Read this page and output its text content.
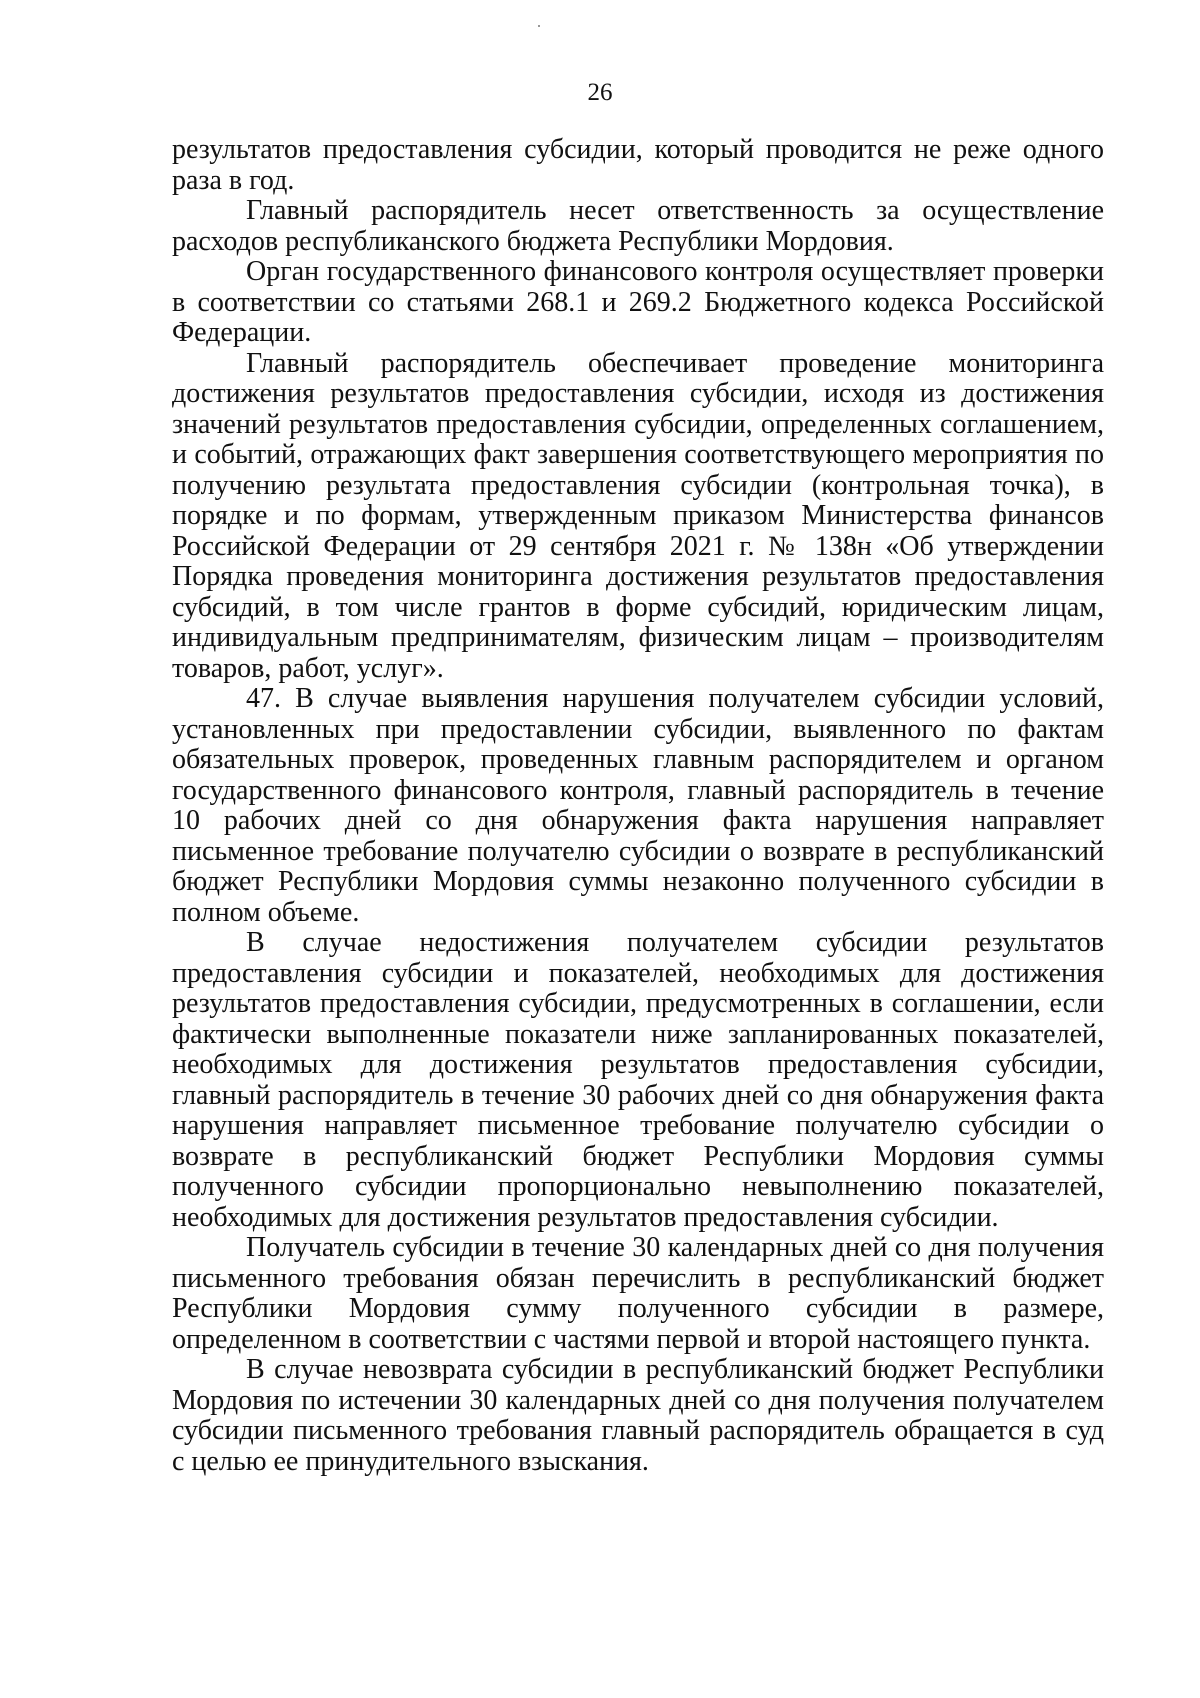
26

результатов предоставления субсидии, который проводится не реже одного раза в год.

Главный распорядитель несет ответственность за осуществление расходов республиканского бюджета Республики Мордовия.

Орган государственного финансового контроля осуществляет проверки в соответствии со статьями 268.1 и 269.2 Бюджетного кодекса Российской Федерации.

Главный распорядитель обеспечивает проведение мониторинга достижения результатов предоставления субсидии, исходя из достижения значений результатов предоставления субсидии, определенных соглашением, и событий, отражающих факт завершения соответствующего мероприятия по получению результата предоставления субсидии (контрольная точка), в порядке и по формам, утвержденным приказом Министерства финансов Российской Федерации от 29 сентября 2021 г. № 138н «Об утверждении Порядка проведения мониторинга достижения результатов предоставления субсидий, в том числе грантов в форме субсидий, юридическим лицам, индивидуальным предпринимателям, физическим лицам – производителям товаров, работ, услуг».

47. В случае выявления нарушения получателем субсидии условий, установленных при предоставлении субсидии, выявленного по фактам обязательных проверок, проведенных главным распорядителем и органом государственного финансового контроля, главный распорядитель в течение 10 рабочих дней со дня обнаружения факта нарушения направляет письменное требование получателю субсидии о возврате в республиканский бюджет Республики Мордовия суммы незаконно полученного субсидии в полном объеме.

В случае недостижения получателем субсидии результатов предоставления субсидии и показателей, необходимых для достижения результатов предоставления субсидии, предусмотренных в соглашении, если фактически выполненные показатели ниже запланированных показателей, необходимых для достижения результатов предоставления субсидии, главный распорядитель в течение 30 рабочих дней со дня обнаружения факта нарушения направляет письменное требование получателю субсидии о возврате в республиканский бюджет Республики Мордовия суммы полученного субсидии пропорционально невыполнению показателей, необходимых для достижения результатов предоставления субсидии.

Получатель субсидии в течение 30 календарных дней со дня получения письменного требования обязан перечислить в республиканский бюджет Республики Мордовия сумму полученного субсидии в размере, определенном в соответствии с частями первой и второй настоящего пункта.

В случае невозврата субсидии в республиканский бюджет Республики Мордовия по истечении 30 календарных дней со дня получения получателем субсидии письменного требования главный распорядитель обращается в суд с целью ее принудительного взыскания.
